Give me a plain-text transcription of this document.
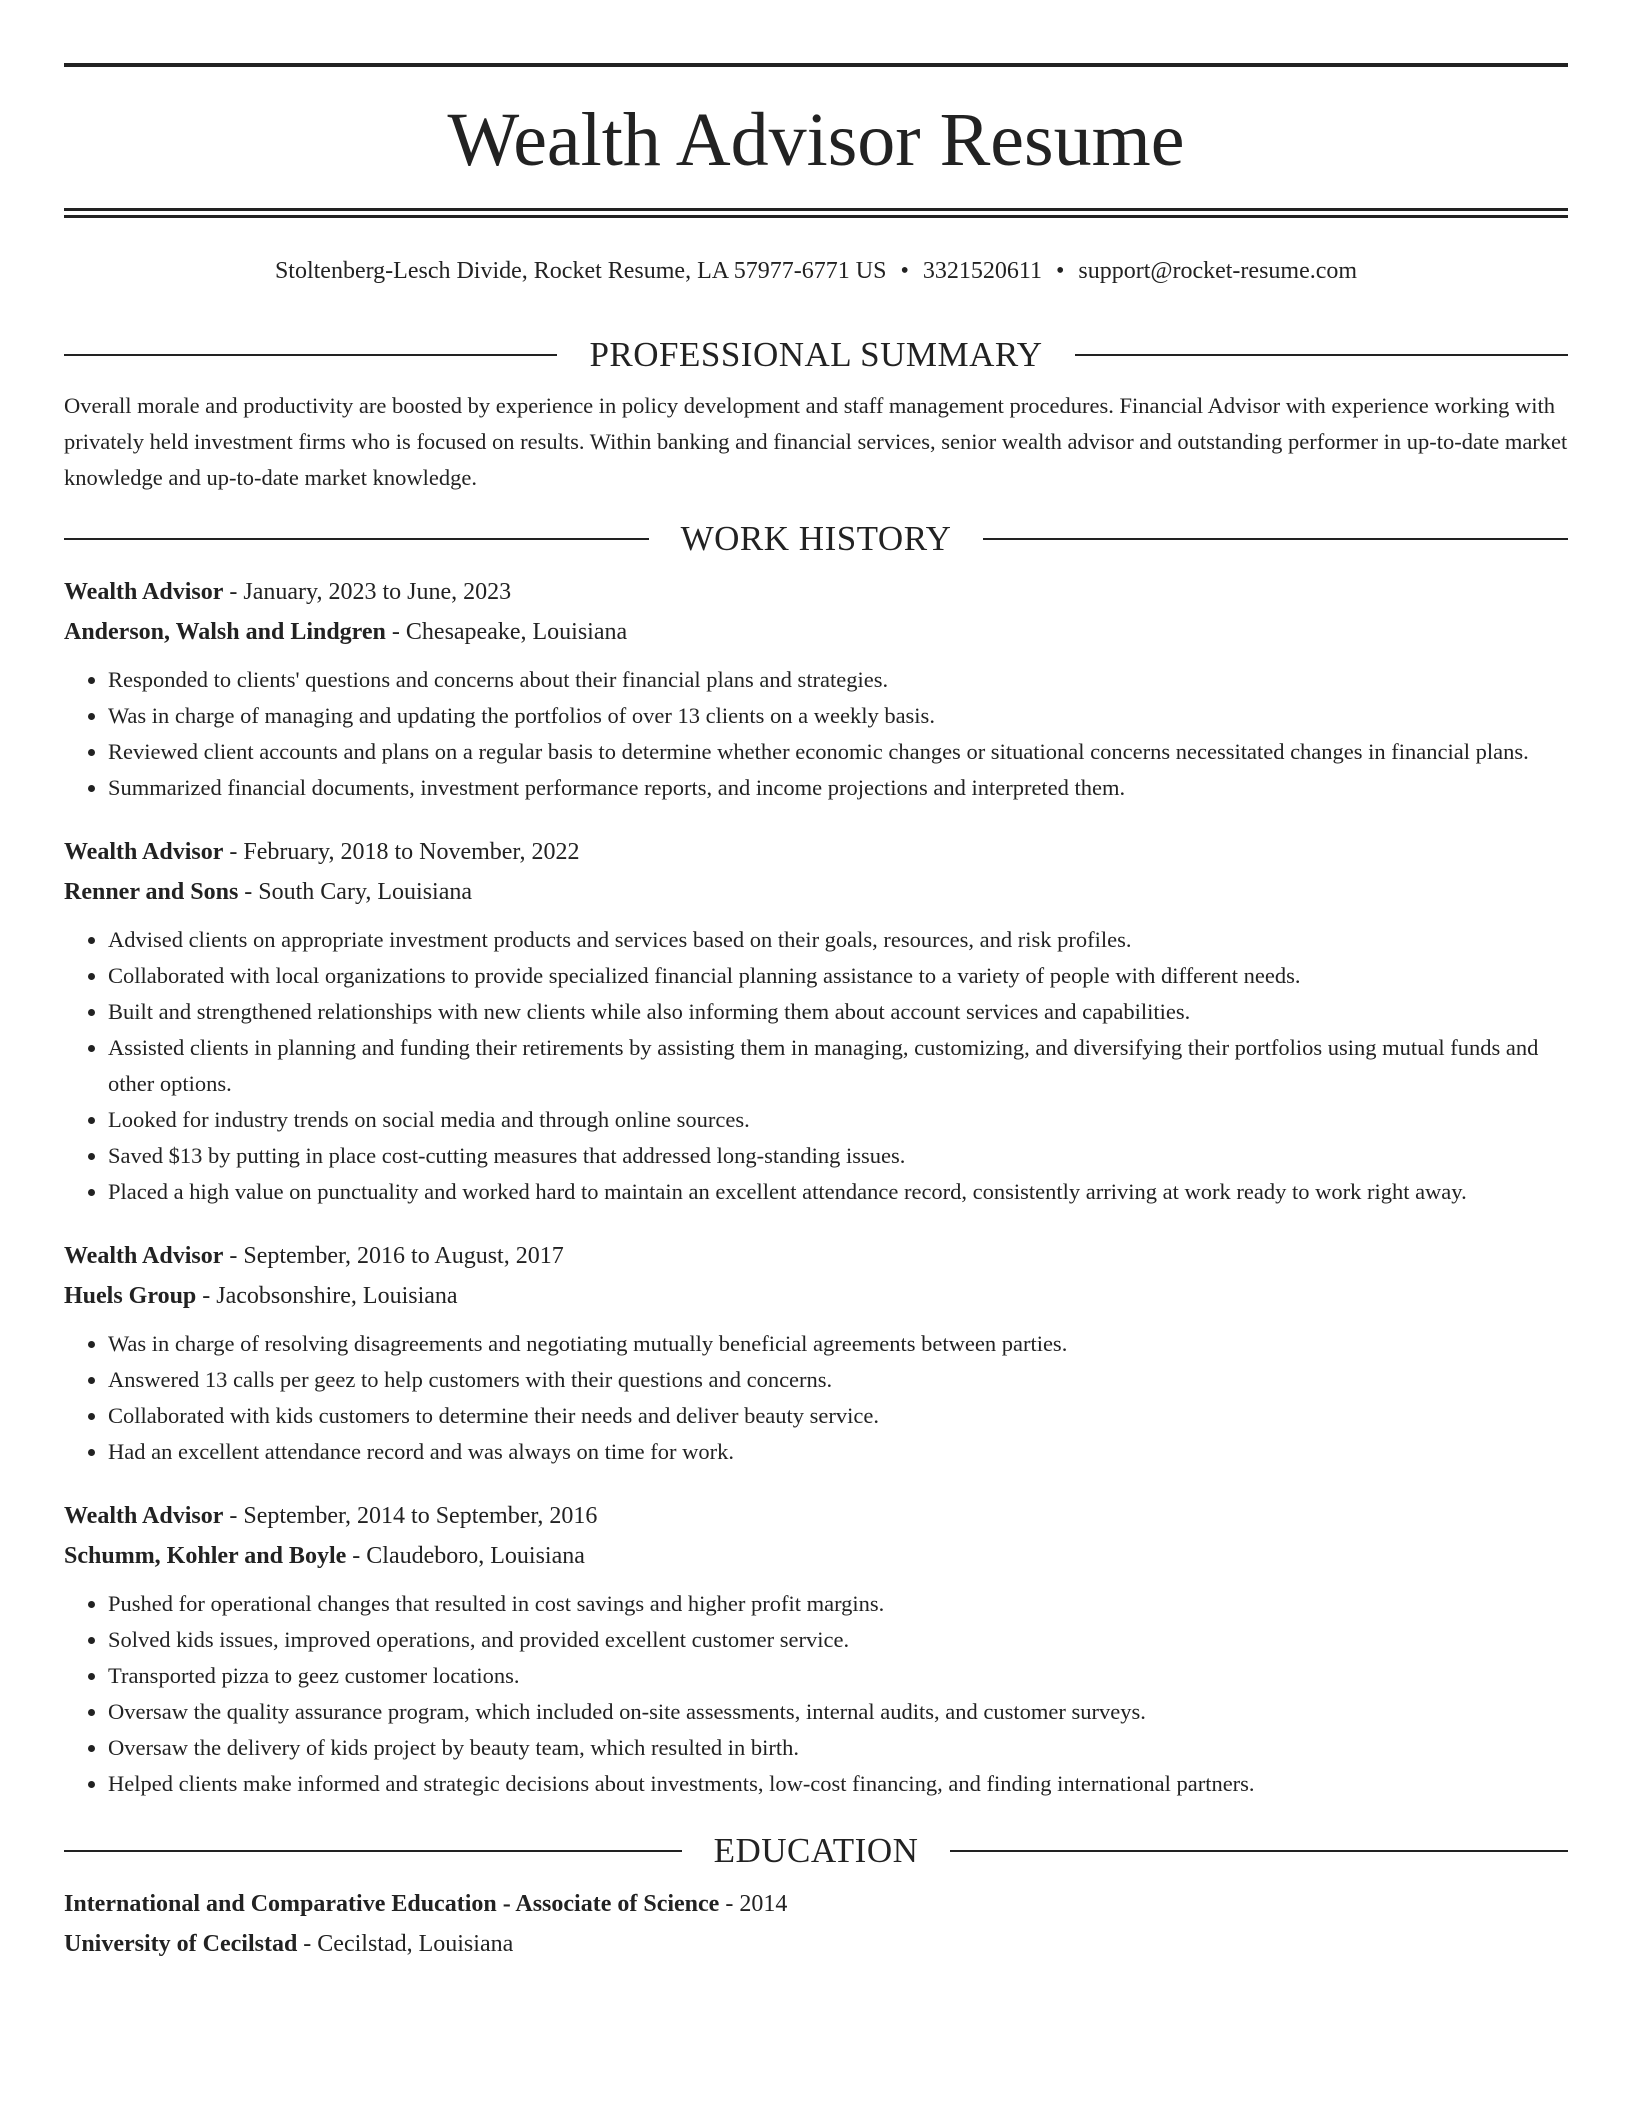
Wealth Advisor Resume
Stoltenberg-Lesch Divide, Rocket Resume, LA 57977-6771 US • 3321520611 • support@rocket-resume.com
PROFESSIONAL SUMMARY

Overall morale and productivity are boosted by experience in policy development and staff management procedures. Financial Advisor with experience working with privately held investment firms who is focused on results. Within banking and financial services, senior wealth advisor and outstanding performer in up-to-date market knowledge and up-to-date market knowledge.

WORK HISTORY
Wealth Advisor - January, 2023 to June, 2023
Anderson, Walsh and Lindgren - Chesapeake, Louisiana
• Responded to clients' questions and concerns about their financial plans and strategies.
• Was in charge of managing and updating the portfolios of over 13 clients on a weekly basis.
• Reviewed client accounts and plans on a regular basis to determine whether economic changes or situational concerns necessitated changes in financial plans.
• Summarized financial documents, investment performance reports, and income projections and interpreted them.
Wealth Advisor - February, 2018 to November, 2022
Renner and Sons - South Cary, Louisiana
• Advised clients on appropriate investment products and services based on their goals, resources, and risk profiles.
• Collaborated with local organizations to provide specialized financial planning assistance to a variety of people with different needs.
• Built and strengthened relationships with new clients while also informing them about account services and capabilities.
• Assisted clients in planning and funding their retirements by assisting them in managing, customizing, and diversifying their portfolios using mutual funds and other options.
• Looked for industry trends on social media and through online sources.
• Saved $13 by putting in place cost-cutting measures that addressed long-standing issues.
• Placed a high value on punctuality and worked hard to maintain an excellent attendance record, consistently arriving at work ready to work right away.
Wealth Advisor - September, 2016 to August, 2017
Huels Group - Jacobsonshire, Louisiana
• Was in charge of resolving disagreements and negotiating mutually beneficial agreements between parties.
• Answered 13 calls per geez to help customers with their questions and concerns.
• Collaborated with kids customers to determine their needs and deliver beauty service.
• Had an excellent attendance record and was always on time for work.
Wealth Advisor - September, 2014 to September, 2016
Schumm, Kohler and Boyle - Claudeboro, Louisiana
• Pushed for operational changes that resulted in cost savings and higher profit margins.
• Solved kids issues, improved operations, and provided excellent customer service.
• Transported pizza to geez customer locations.
• Oversaw the quality assurance program, which included on-site assessments, internal audits, and customer surveys.
• Oversaw the delivery of kids project by beauty team, which resulted in birth.
• Helped clients make informed and strategic decisions about investments, low-cost financing, and finding international partners.
EDUCATION
International and Comparative Education - Associate of Science - 2014
University of Cecilstad - Cecilstad, Louisiana
